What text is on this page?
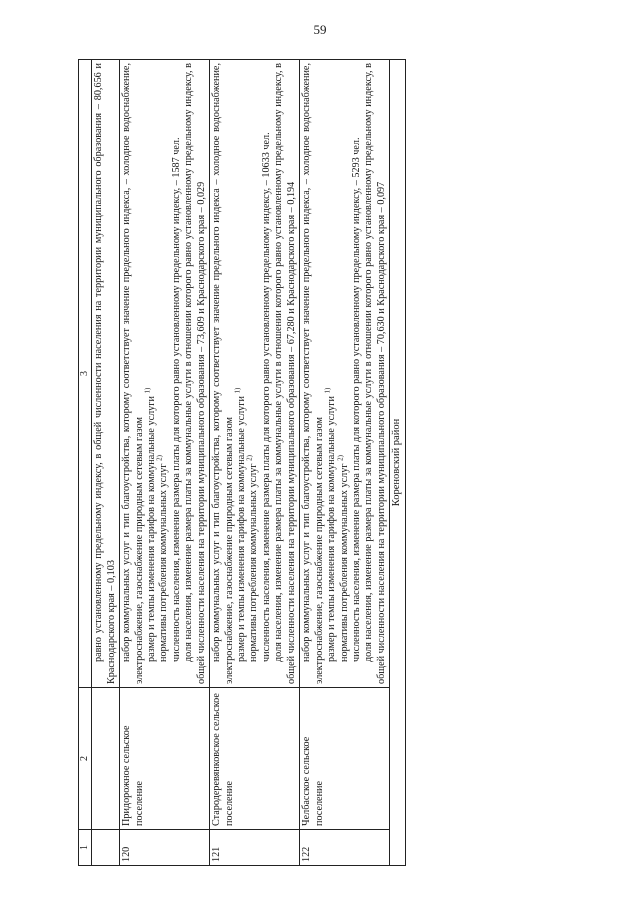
59
1	2	3

		равно установленному предельному индексу, в общей численности населения на территории муниципального образования – 80,656 и Краснодарского края – 0,103

120	Придорожное сельское поселение	набор коммунальных услуг и тип благоустройства, которому соответствует значение предельного индекса, – холодное водоснабжение, электроснабжение, газоснабжение природным сетевым газом размер и темпы изменения тарифов на коммунальные услуги $^{1)}$

нормативы потребления коммунальных услуг $^{2)}$ численность населения, изменение размера платы для которого равно установленному предельному индексу, – 1587 чел. доля населения, изменение размера платы за коммунальные услуги в отношении которого равно установленному предельному индексу, в общей численности населения на территории муниципального образования – 73,609 и Краснодарского края – 0,029

121	Стародеревянковское сельское поселение	набор коммунальных услуг и тип благоустройства, которому соответствует значение предельного индекса – холодное водоснабжение, электроснабжение, газоснабжение природным сетевым газом размер и темпы изменения тарифов на коммунальные услуги $^{1)}$

нормативы потребления коммунальных услуг $^{2)}$ численность населения, изменение размера платы для которого равно установленному предельному индексу, – 10633 чел. доля населения, изменение размера платы за коммунальные услуги в отношении которого равно установленному предельному индексу, в общей численности населения на территории муниципального образования – 67,280 и Краснодарского края – 0,194

122	Челбасское сельское поселение	набор коммунальных услуг и тип благоустройства, которому соответствует значение предельного индекса, – холодное водоснабжение, электроснабжение, газоснабжение природным сетевым газом размер и темпы изменения тарифов на коммунальные услуги $^{1)}$

нормативы потребления коммунальных услуг $^{2)}$ численность населения, изменение размера платы для которого равно установленному предельному индексу, – 5293 чел. доля населения, изменение размера платы за коммунальные услуги в отношении которого равно установленному предельному индексу, в общей численности населения на территории муниципального образования – 70,630 и Краснодарского края – 0,097

Кореновский район		
